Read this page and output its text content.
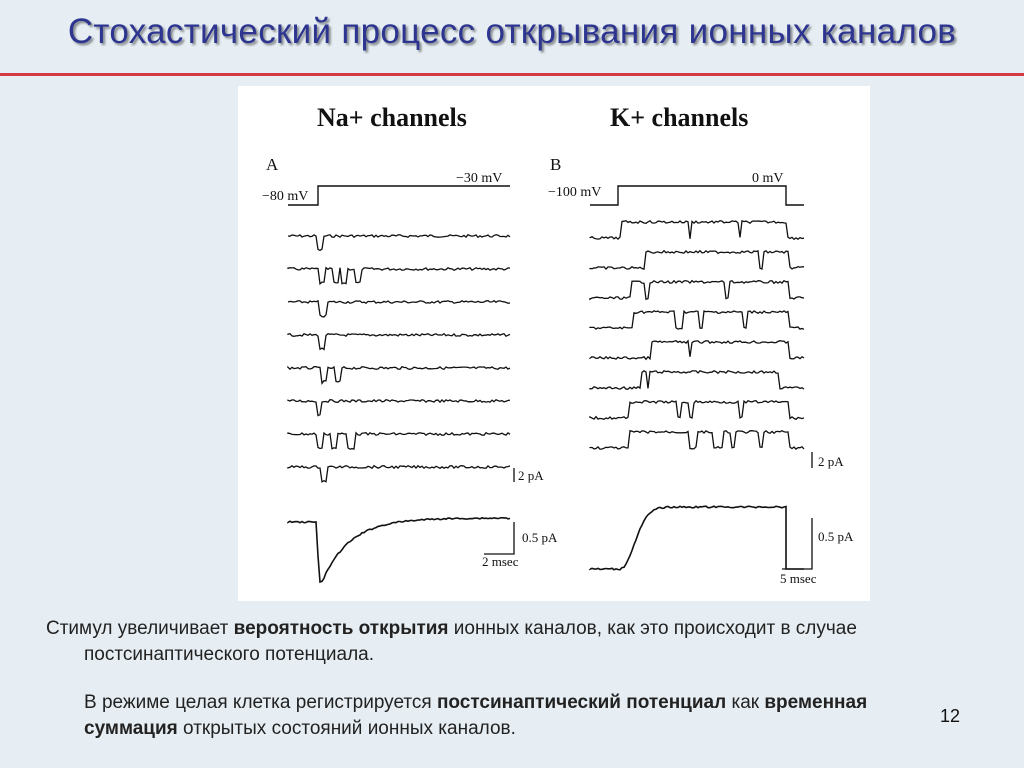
Стохастический процесс открывания ионных каналов
Na+ channels	K+ channels
A	B
−80 mV
−30 mV
−100 mV
0 mV
2 pA
0.5 pA
2 msec
2 pA
0.5 pA
5 msec

Стимул увеличивает вероятность открытия ионных каналов, как это происходит в случае постсинаптического потенциала.

В режиме целая клетка регистрируется постсинаптический потенциал как временная суммация открытых состояний ионных каналов.

12
